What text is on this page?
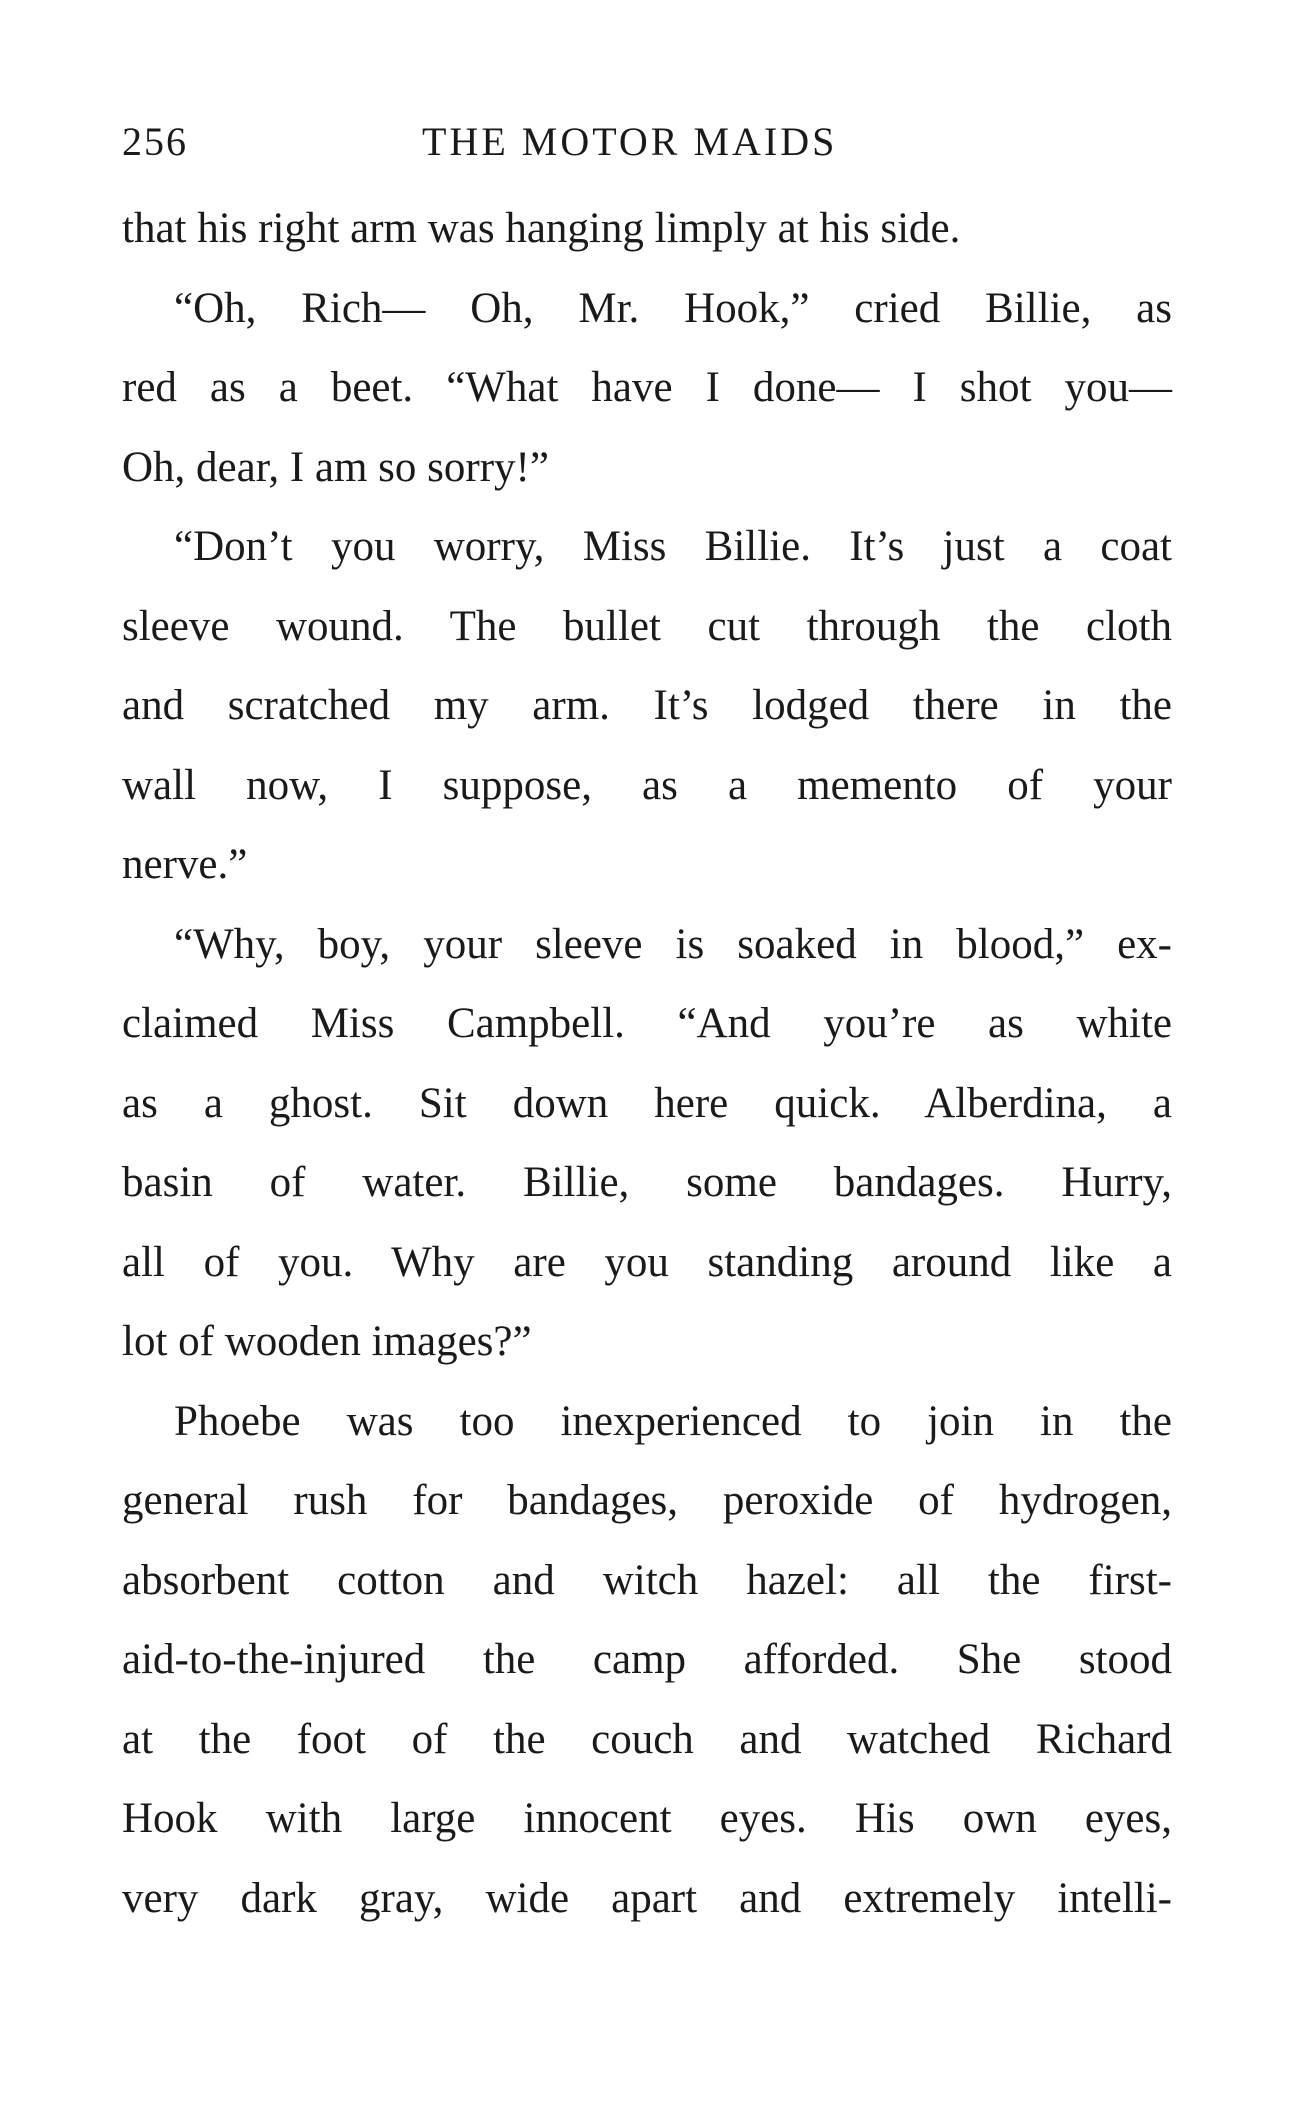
256	THE MOTOR MAIDS
that his right arm was hanging limply at his side.
“Oh, Rich— Oh, Mr. Hook,” cried Billie, as
red as a beet. “What have I done— I shot you—
Oh, dear, I am so sorry!”
“Don’t you worry, Miss Billie. It’s just a coat
sleeve wound. The bullet cut through the cloth
and scratched my arm. It’s lodged there in the
wall now, I suppose, as a memento of your
nerve.”
“Why, boy, your sleeve is soaked in blood,” ex-
claimed Miss Campbell. “And you’re as white
as a ghost. Sit down here quick. Alberdina, a
basin of water. Billie, some bandages. Hurry,
all of you. Why are you standing around like a
lot of wooden images?”
Phoebe was too inexperienced to join in the
general rush for bandages, peroxide of hydrogen,
absorbent cotton and witch hazel: all the first-
aid-to-the-injured the camp afforded. She stood
at the foot of the couch and watched Richard
Hook with large innocent eyes. His own eyes,
very dark gray, wide apart and extremely intelli-
